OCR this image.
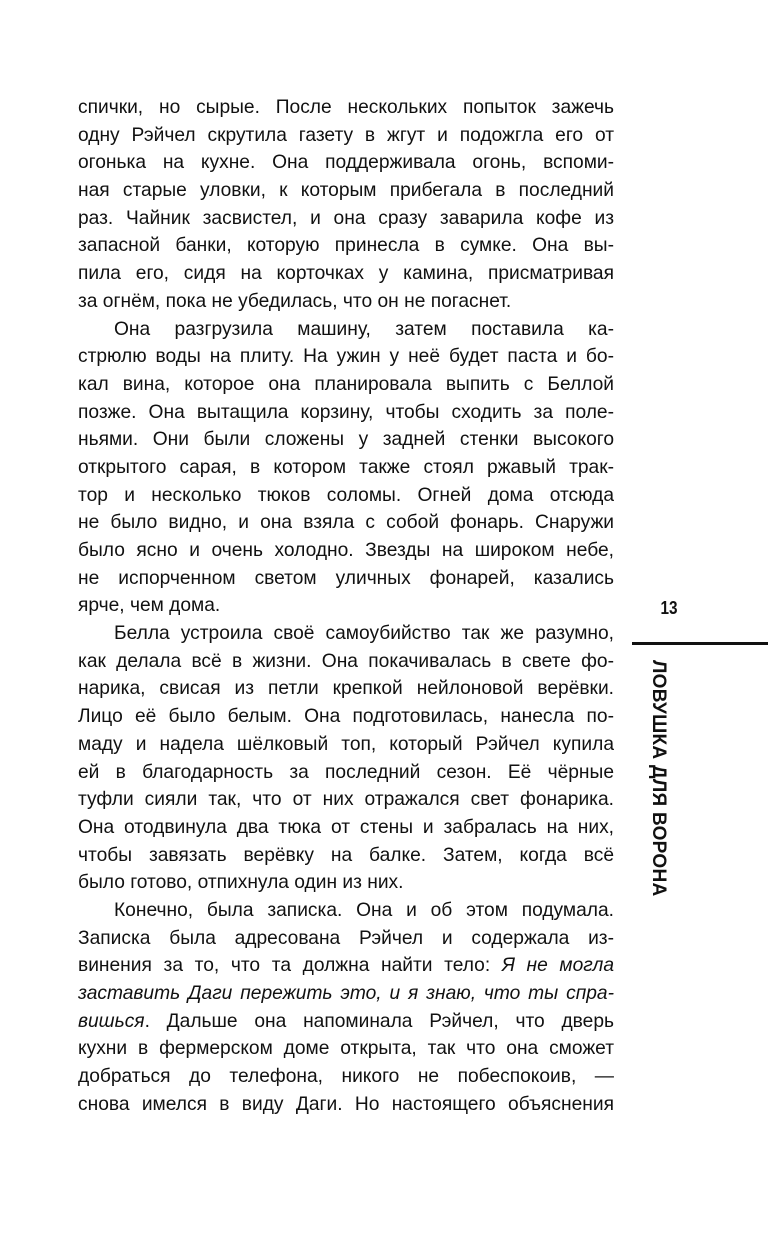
спички, но сырые. После нескольких попыток зажечь
одну Рэйчел скрутила газету в жгут и подожгла его от
огонька на кухне. Она поддерживала огонь, вспоми-
ная старые уловки, к которым прибегала в последний
раз. Чайник засвистел, и она сразу заварила кофе из
запасной банки, которую принесла в сумке. Она вы-
пила его, сидя на корточках у камина, присматривая
за огнём, пока не убедилась, что он не погаснет.
Она разгрузила машину, затем поставила ка-
стрюлю воды на плиту. На ужин у неё будет паста и бо-
кал вина, которое она планировала выпить с Беллой
позже. Она вытащила корзину, чтобы сходить за поле-
ньями. Они были сложены у задней стенки высокого
открытого сарая, в котором также стоял ржавый трак-
тор и несколько тюков соломы. Огней дома отсюда
не было видно, и она взяла с собой фонарь. Снаружи
было ясно и очень холодно. Звезды на широком небе,
не испорченном светом уличных фонарей, казались
ярче, чем дома.
Белла устроила своё самоубийство так же разумно,
как делала всё в жизни. Она покачивалась в свете фо-
нарика, свисая из петли крепкой нейлоновой верёвки.
Лицо её было белым. Она подготовилась, нанесла по-
маду и надела шёлковый топ, который Рэйчел купила
ей в благодарность за последний сезон. Её чёрные
туфли сияли так, что от них отражался свет фонарика.
Она отодвинула два тюка от стены и забралась на них,
чтобы завязать верёвку на балке. Затем, когда всё
было готово, отпихнула один из них.
Конечно, была записка. Она и об этом подумала.
Записка была адресована Рэйчел и содержала из-
винения за то, что та должна найти тело: Я не могла
заставить Даги пережить это, и я знаю, что ты спра-
вишься. Дальше она напоминала Рэйчел, что дверь
кухни в фермерском доме открыта, так что она сможет
добраться до телефона, никого не побеспокоив, —
снова имелся в виду Даги. Но настоящего объяснения
13
ЛОВУШКА ДЛЯ ВОРОНА
